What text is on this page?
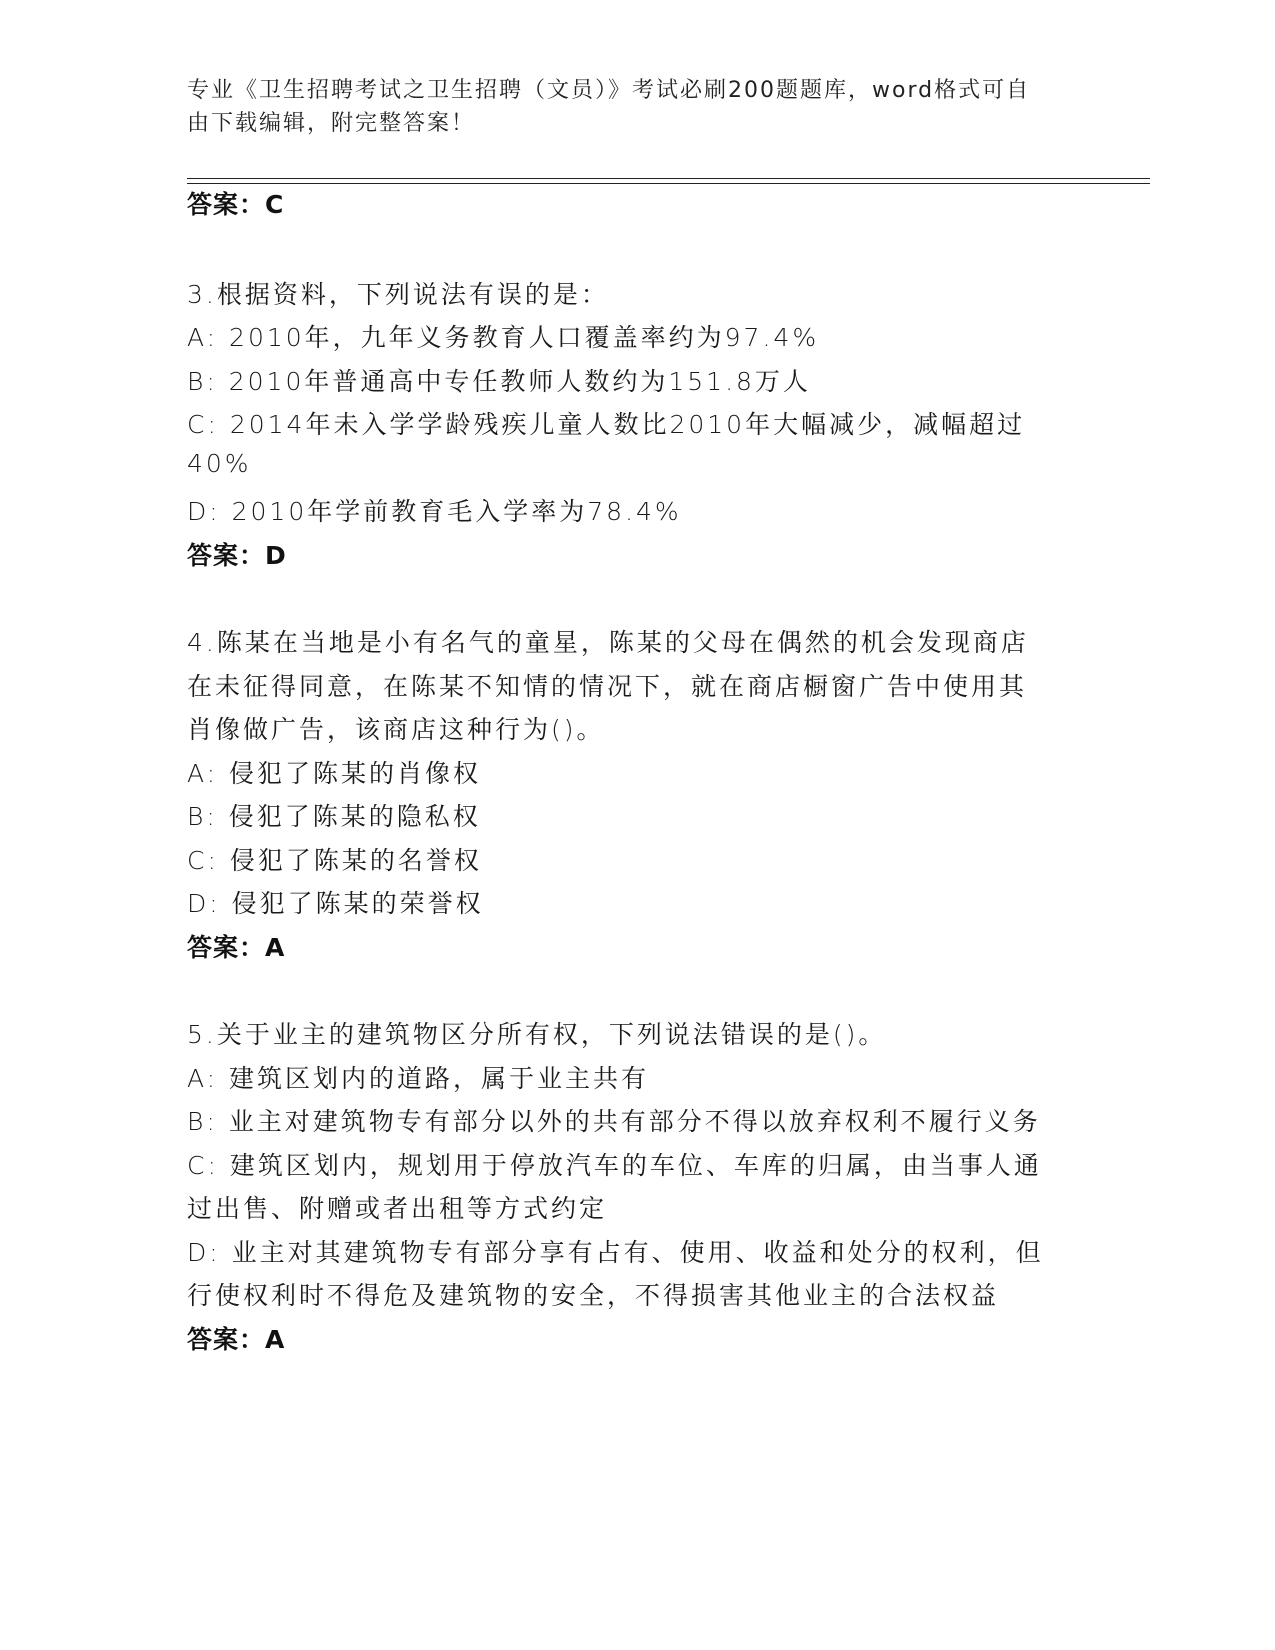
专业《卫生招聘考试之卫生招聘（文员）》考试必刷200题题库，word格式可自
由下载编辑，附完整答案！
答案：C
3.根据资料，下列说法有误的是：
A: 2010年，九年义务教育人口覆盖率约为97.4%
B: 2010年普通高中专任教师人数约为151.8万人
C: 2014年未入学学龄残疾儿童人数比2010年大幅减少，减幅超过
40%
D: 2010年学前教育毛入学率为78.4%
答案：D
4.陈某在当地是小有名气的童星，陈某的父母在偶然的机会发现商店
在未征得同意，在陈某不知情的情况下，就在商店橱窗广告中使用其
肖像做广告，该商店这种行为()。
A: 侵犯了陈某的肖像权
B: 侵犯了陈某的隐私权
C: 侵犯了陈某的名誉权
D: 侵犯了陈某的荣誉权
答案：A
5.关于业主的建筑物区分所有权，下列说法错误的是()。
A: 建筑区划内的道路，属于业主共有
B: 业主对建筑物专有部分以外的共有部分不得以放弃权利不履行义务
C: 建筑区划内，规划用于停放汽车的车位、车库的归属，由当事人通
过出售、附赠或者出租等方式约定
D: 业主对其建筑物专有部分享有占有、使用、收益和处分的权利，但
行使权利时不得危及建筑物的安全，不得损害其他业主的合法权益
答案：A
